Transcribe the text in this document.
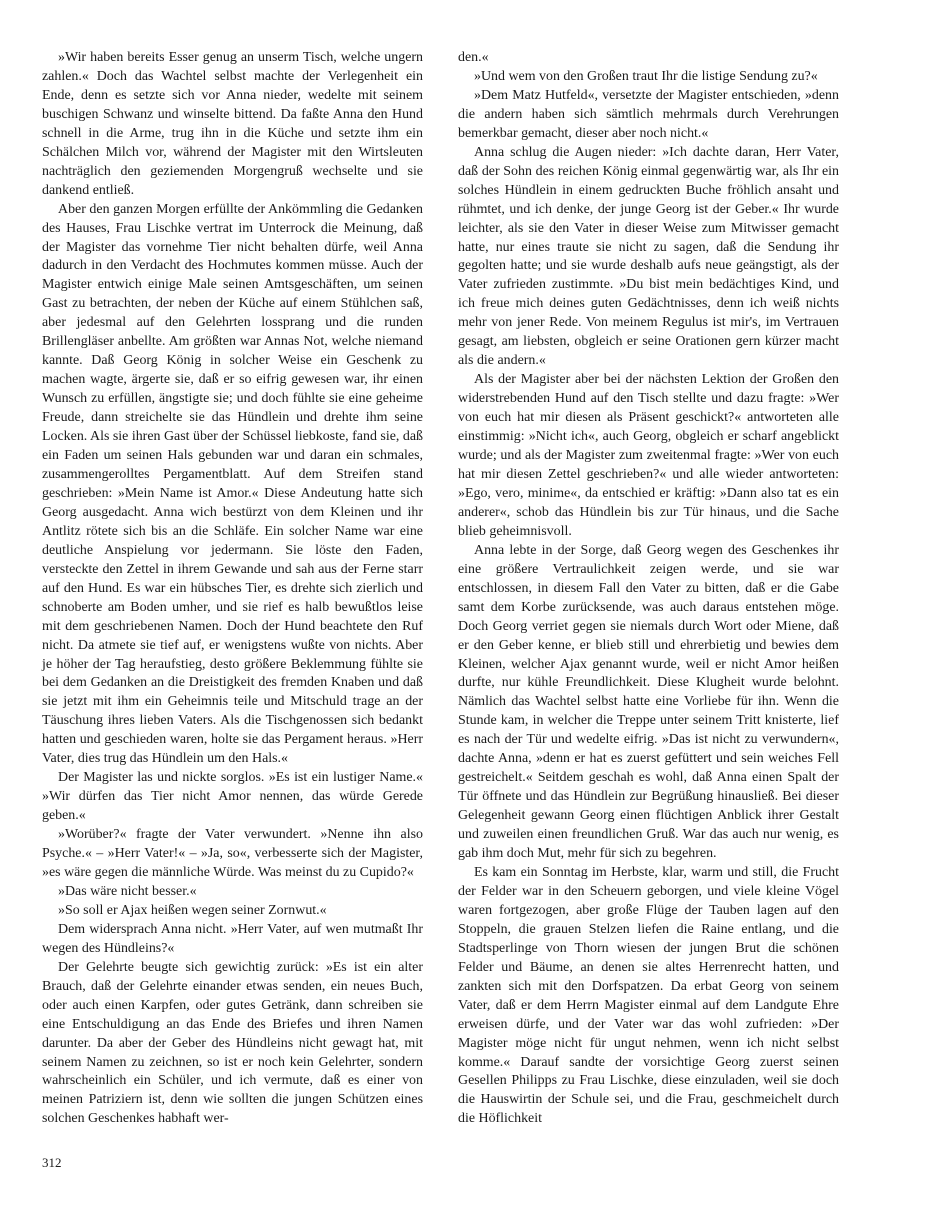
»Wir haben bereits Esser genug an unserm Tisch, welche ungern zahlen.« Doch das Wachtel selbst machte der Verlegenheit ein Ende, denn es setzte sich vor Anna nieder, wedelte mit seinem buschigen Schwanz und winselte bittend. Da faßte Anna den Hund schnell in die Arme, trug ihn in die Küche und setzte ihm ein Schälchen Milch vor, während der Magister mit den Wirtsleuten nachträglich den geziemenden Morgengruß wechselte und sie dankend entließ.

Aber den ganzen Morgen erfüllte der Ankömmling die Gedanken des Hauses, Frau Lischke vertrat im Unterrock die Meinung, daß der Magister das vornehme Tier nicht behalten dürfe, weil Anna dadurch in den Verdacht des Hochmutes kommen müsse. Auch der Magister entwich einige Male seinen Amtsgeschäften, um seinen Gast zu betrachten, der neben der Küche auf einem Stühlchen saß, aber jedesmal auf den Gelehrten lossprang und die runden Brillengläser anbellte. Am größten war Annas Not, welche niemand kannte. Daß Georg König in solcher Weise ein Geschenk zu machen wagte, ärgerte sie, daß er so eifrig gewesen war, ihr einen Wunsch zu erfüllen, ängstigte sie; und doch fühlte sie eine geheime Freude, dann streichelte sie das Hündlein und drehte ihm seine Locken. Als sie ihren Gast über der Schüssel liebkoste, fand sie, daß ein Faden um seinen Hals gebunden war und daran ein schmales, zusammengerolltes Pergamentblatt. Auf dem Streifen stand geschrieben: »Mein Name ist Amor.« Diese Andeutung hatte sich Georg ausgedacht. Anna wich bestürzt von dem Kleinen und ihr Antlitz rötete sich bis an die Schläfe. Ein solcher Name war eine deutliche Anspielung vor jedermann. Sie löste den Faden, versteckte den Zettel in ihrem Gewande und sah aus der Ferne starr auf den Hund. Es war ein hübsches Tier, es drehte sich zierlich und schnoberte am Boden umher, und sie rief es halb bewußtlos leise mit dem geschriebenen Namen. Doch der Hund beachtete den Ruf nicht. Da atmete sie tief auf, er wenigstens wußte von nichts. Aber je höher der Tag heraufstieg, desto größere Beklemmung fühlte sie bei dem Gedanken an die Dreistigkeit des fremden Knaben und daß sie jetzt mit ihm ein Geheimnis teile und Mitschuld trage an der Täuschung ihres lieben Vaters. Als die Tischgenossen sich bedankt hatten und geschieden waren, holte sie das Pergament heraus. »Herr Vater, dies trug das Hündlein um den Hals.«

Der Magister las und nickte sorglos. »Es ist ein lustiger Name.« »Wir dürfen das Tier nicht Amor nennen, das würde Gerede geben.«

»Worüber?« fragte der Vater verwundert. »Nenne ihn also Psyche.« – »Herr Vater!« – »Ja, so«, verbesserte sich der Magister, »es wäre gegen die männliche Würde. Was meinst du zu Cupido?«

»Das wäre nicht besser.«

»So soll er Ajax heißen wegen seiner Zornwut.«

Dem widersprach Anna nicht. »Herr Vater, auf wen mutmaßt Ihr wegen des Hündleins?«

Der Gelehrte beugte sich gewichtig zurück: »Es ist ein alter Brauch, daß der Gelehrte einander etwas senden, ein neues Buch, oder auch einen Karpfen, oder gutes Getränk, dann schreiben sie eine Entschuldigung an das Ende des Briefes und ihren Namen darunter. Da aber der Geber des Hündleins nicht gewagt hat, mit seinem Namen zu zeichnen, so ist er noch kein Gelehrter, sondern wahrscheinlich ein Schüler, und ich vermute, daß es einer von meinen Patriziern ist, denn wie sollten die jungen Schützen eines solchen Geschenkes habhaft wer-

den.«

»Und wem von den Großen traut Ihr die listige Sendung zu?«

»Dem Matz Hutfeld«, versetzte der Magister entschieden, »denn die andern haben sich sämtlich mehrmals durch Verehrungen bemerkbar gemacht, dieser aber noch nicht.«

Anna schlug die Augen nieder: »Ich dachte daran, Herr Vater, daß der Sohn des reichen König einmal gegenwärtig war, als Ihr ein solches Hündlein in einem gedruckten Buche fröhlich ansaht und rühmtet, und ich denke, der junge Georg ist der Geber.« Ihr wurde leichter, als sie den Vater in dieser Weise zum Mitwisser gemacht hatte, nur eines traute sie nicht zu sagen, daß die Sendung ihr gegolten hatte; und sie wurde deshalb aufs neue geängstigt, als der Vater zufrieden zustimmte. »Du bist mein bedächtiges Kind, und ich freue mich deines guten Gedächtnisses, denn ich weiß nichts mehr von jener Rede. Von meinem Regulus ist mir's, im Vertrauen gesagt, am liebsten, obgleich er seine Orationen gern kürzer macht als die andern.«

Als der Magister aber bei der nächsten Lektion der Großen den widerstrebenden Hund auf den Tisch stellte und dazu fragte: »Wer von euch hat mir diesen als Präsent geschickt?« antworteten alle einstimmig: »Nicht ich«, auch Georg, obgleich er scharf angeblickt wurde; und als der Magister zum zweitenmal fragte: »Wer von euch hat mir diesen Zettel geschrieben?« und alle wieder antworteten: »Ego, vero, minime«, da entschied er kräftig: »Dann also tat es ein anderer«, schob das Hündlein bis zur Tür hinaus, und die Sache blieb geheimnisvoll.

Anna lebte in der Sorge, daß Georg wegen des Geschenkes ihr eine größere Vertraulichkeit zeigen werde, und sie war entschlossen, in diesem Fall den Vater zu bitten, daß er die Gabe samt dem Korbe zurücksende, was auch daraus entstehen möge. Doch Georg verriet gegen sie niemals durch Wort oder Miene, daß er den Geber kenne, er blieb still und ehrerbietig und bewies dem Kleinen, welcher Ajax genannt wurde, weil er nicht Amor heißen durfte, nur kühle Freundlichkeit. Diese Klugheit wurde belohnt. Nämlich das Wachtel selbst hatte eine Vorliebe für ihn. Wenn die Stunde kam, in welcher die Treppe unter seinem Tritt knisterte, lief es nach der Tür und wedelte eifrig. »Das ist nicht zu verwundern«, dachte Anna, »denn er hat es zuerst gefüttert und sein weiches Fell gestreichelt.« Seitdem geschah es wohl, daß Anna einen Spalt der Tür öffnete und das Hündlein zur Begrüßung hinausließ. Bei dieser Gelegenheit gewann Georg einen flüchtigen Anblick ihrer Gestalt und zuweilen einen freundlichen Gruß. War das auch nur wenig, es gab ihm doch Mut, mehr für sich zu begehren.

Es kam ein Sonntag im Herbste, klar, warm und still, die Frucht der Felder war in den Scheuern geborgen, und viele kleine Vögel waren fortgezogen, aber große Flüge der Tauben lagen auf den Stoppeln, die grauen Stelzen liefen die Raine entlang, und die Stadtsperlinge von Thorn wiesen der jungen Brut die schönen Felder und Bäume, an denen sie altes Herrenrecht hatten, und zankten sich mit den Dorfspatzen. Da erbat Georg von seinem Vater, daß er dem Herrn Magister einmal auf dem Landgute Ehre erweisen dürfe, und der Vater war das wohl zufrieden: »Der Magister möge nicht für ungut nehmen, wenn ich nicht selbst komme.« Darauf sandte der vorsichtige Georg zuerst seinen Gesellen Philipps zu Frau Lischke, diese einzuladen, weil sie doch die Hauswirtin der Schule sei, und die Frau, geschmeichelt durch die Höflichkeit

312
